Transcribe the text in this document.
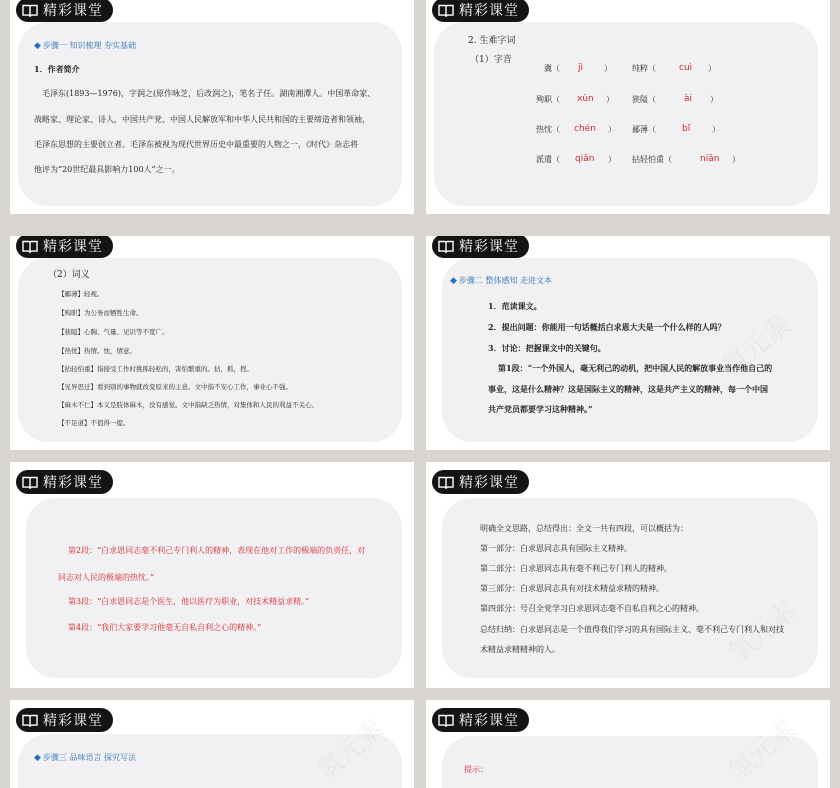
精彩课堂
◆ 步骤一 知识梳理 夯实基础
1．作者简介
毛泽东(1893—1976)，字润之(原作咏芝，后改润之)，笔名子任。湖南湘潭人。中国革命家、
战略家、理论家、诗人，中国共产党、中国人民解放军和中华人民共和国的主要缔造者和领袖，
毛泽东思想的主要创立者。毛泽东被视为现代世界历史中最重要的人物之一，《时代》杂志将
他评为“20世纪最具影响力100人”之一。
精彩课堂
2. 生难字词
（1）字音
冀（ jì	）	纯粹（	cuì ）
殉职（ xùn ） 狭隘（	ài ）
热忱（ chén ） 鄙薄（	bǐ	）
派遣（ qiǎn ） 拈轻怕重（	niān ）
精彩课堂
（2）词义
【鄙薄】轻视。
【殉职】为公务而牺牲生命。
【狭隘】心胸、气量、见识等不宽广。
【热忱】热情。忱，情意。
【拈轻怕重】指接受工作时挑拣轻松的，害怕繁重的。拈，抓，捏。
【见异思迁】看到别的事物就改变原来的主意。文中指不安心工作，事业心不强。
【麻木不仁】本义是肢体麻木，没有感觉。文中指缺乏热情，对集体和人民的利益不关心。
【不足道】不值得一提。
精彩课堂
氢元素
◆ 步骤二 整体感知 走进文本
1．范读课文。
2．提出问题：你能用一句话概括白求恩大夫是一个什么样的人吗？
3．讨论：把握课文中的关键句。
第1段：“一个外国人，毫无利己的动机，把中国人民的解放事业当作他自己的
事业，这是什么精神？这是国际主义的精神，这是共产主义的精神，每一个中国
共产党员都要学习这种精神。”
精彩课堂
第2段：“白求恩同志毫不利己专门利人的精神，表现在他对工作的极端的负责任，对
同志对人民的极端的热忱。”
第3段：“白求恩同志是个医生，他以医疗为职业，对技术精益求精。”
第4段：“我们大家要学习他毫无自私自利之心的精神。”
精彩课堂
氢元素
明确全文思路，总结得出：全文一共有四段，可以概括为：
第一部分：白求恩同志具有国际主义精神。
第二部分：白求恩同志具有毫不利己专门利人的精神。
第三部分：白求恩同志具有对技术精益求精的精神。
第四部分：号召全党学习白求恩同志毫不自私自利之心的精神。
总结归纳：白求恩同志是一个值得我们学习的具有国际主义、毫不利己专门利人和对技
术精益求精精神的人。
精彩课堂	氢元素
◆ 步骤三 品味语言 探究写法
精彩课堂	氢元素
提示：
